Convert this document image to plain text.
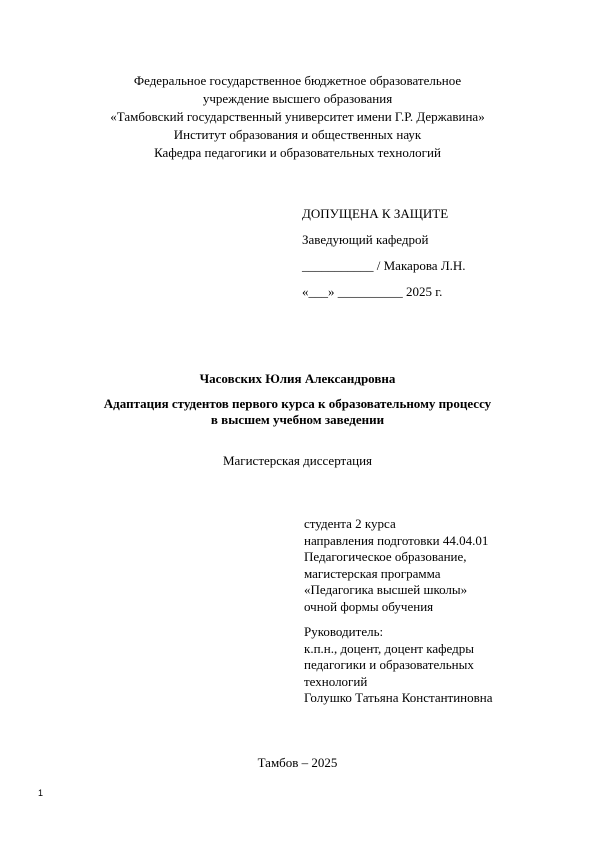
Федеральное государственное бюджетное образовательное
учреждение высшего образования
«Тамбовский государственный университет имени Г.Р. Державина»
Институт образования и общественных наук
Кафедра педагогики и образовательных технологий
ДОПУЩЕНА К ЗАЩИТЕ
Заведующий кафедрой
___________ / Макарова Л.Н.
«___» __________ 2025 г.
Часовских Юлия Александровна
Адаптация студентов первого курса к образовательному процессу в высшем учебном заведении
Магистерская диссертация
студента 2 курса
направления подготовки 44.04.01
Педагогическое образование,
магистерская программа
«Педагогика высшей школы»
очной формы обучения
Руководитель:
к.п.н., доцент, доцент кафедры
педагогики и образовательных
технологий
Голушко Татьяна Константиновна
Тамбов – 2025
1
